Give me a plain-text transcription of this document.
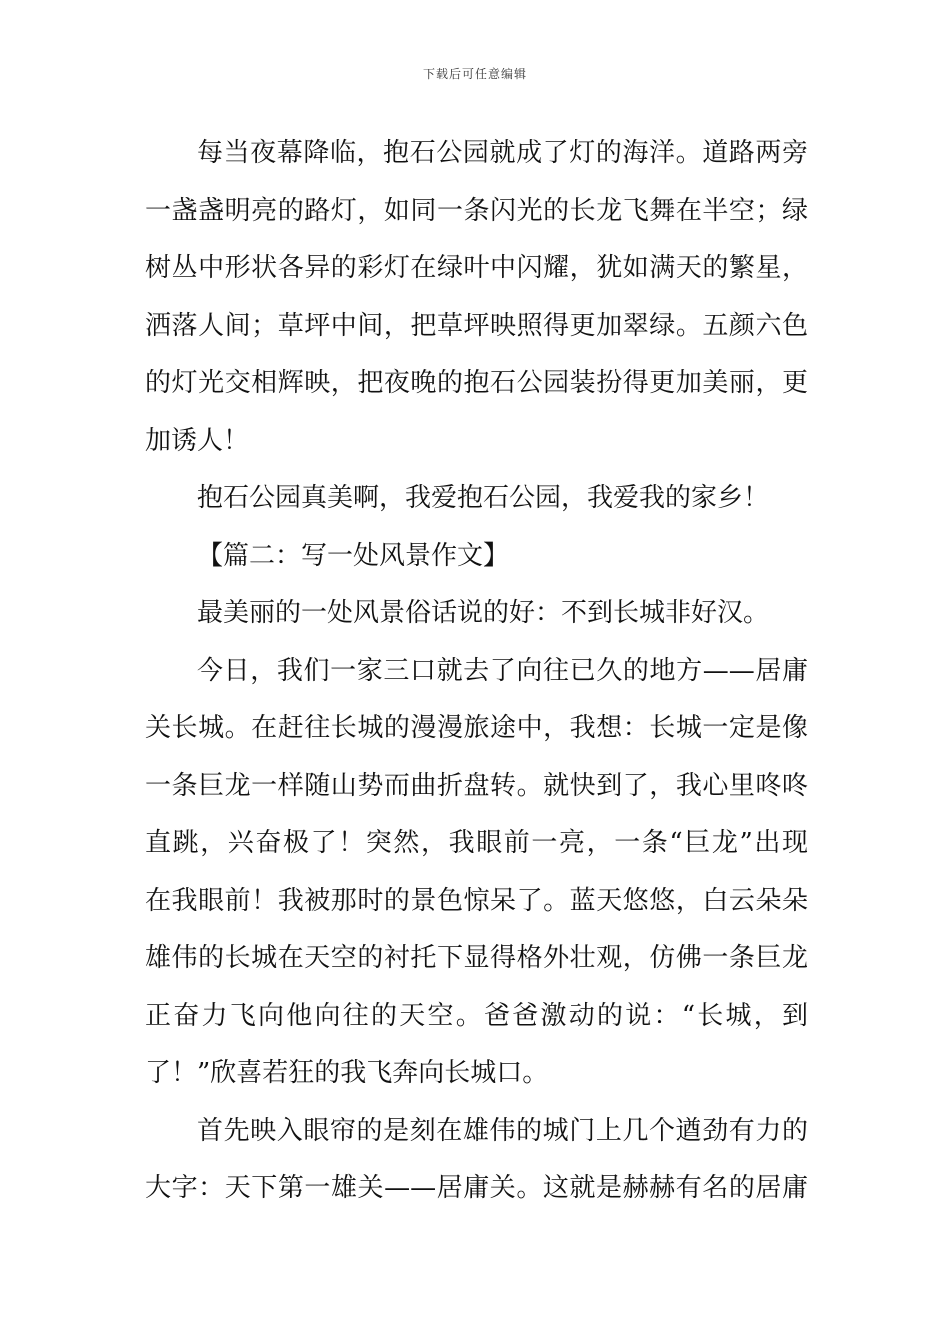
下载后可任意编辑
每当夜幕降临，抱石公园就成了灯的海洋。道路两旁
一盏盏明亮的路灯，如同一条闪光的长龙飞舞在半空；绿
树丛中形状各异的彩灯在绿叶中闪耀，犹如满天的繁星，
洒落人间；草坪中间，把草坪映照得更加翠绿。五颜六色
的灯光交相辉映，把夜晚的抱石公园装扮得更加美丽，更
加诱人！
抱石公园真美啊，我爱抱石公园，我爱我的家乡！
【篇二：写一处风景作文】
最美丽的一处风景俗话说的好：不到长城非好汉。
今日，我们一家三口就去了向往已久的地方——居庸
关长城。在赶往长城的漫漫旅途中，我想：长城一定是像
一条巨龙一样随山势而曲折盘转。就快到了，我心里咚咚
直跳，兴奋极了！突然，我眼前一亮，一条“巨龙”出现
在我眼前！我被那时的景色惊呆了。蓝天悠悠，白云朵朵
雄伟的长城在天空的衬托下显得格外壮观，仿佛一条巨龙
正奋力飞向他向往的天空。爸爸激动的说：“长城，到
了！”欣喜若狂的我飞奔向长城口。
首先映入眼帘的是刻在雄伟的城门上几个遒劲有力的
大字：天下第一雄关——居庸关。这就是赫赫有名的居庸
